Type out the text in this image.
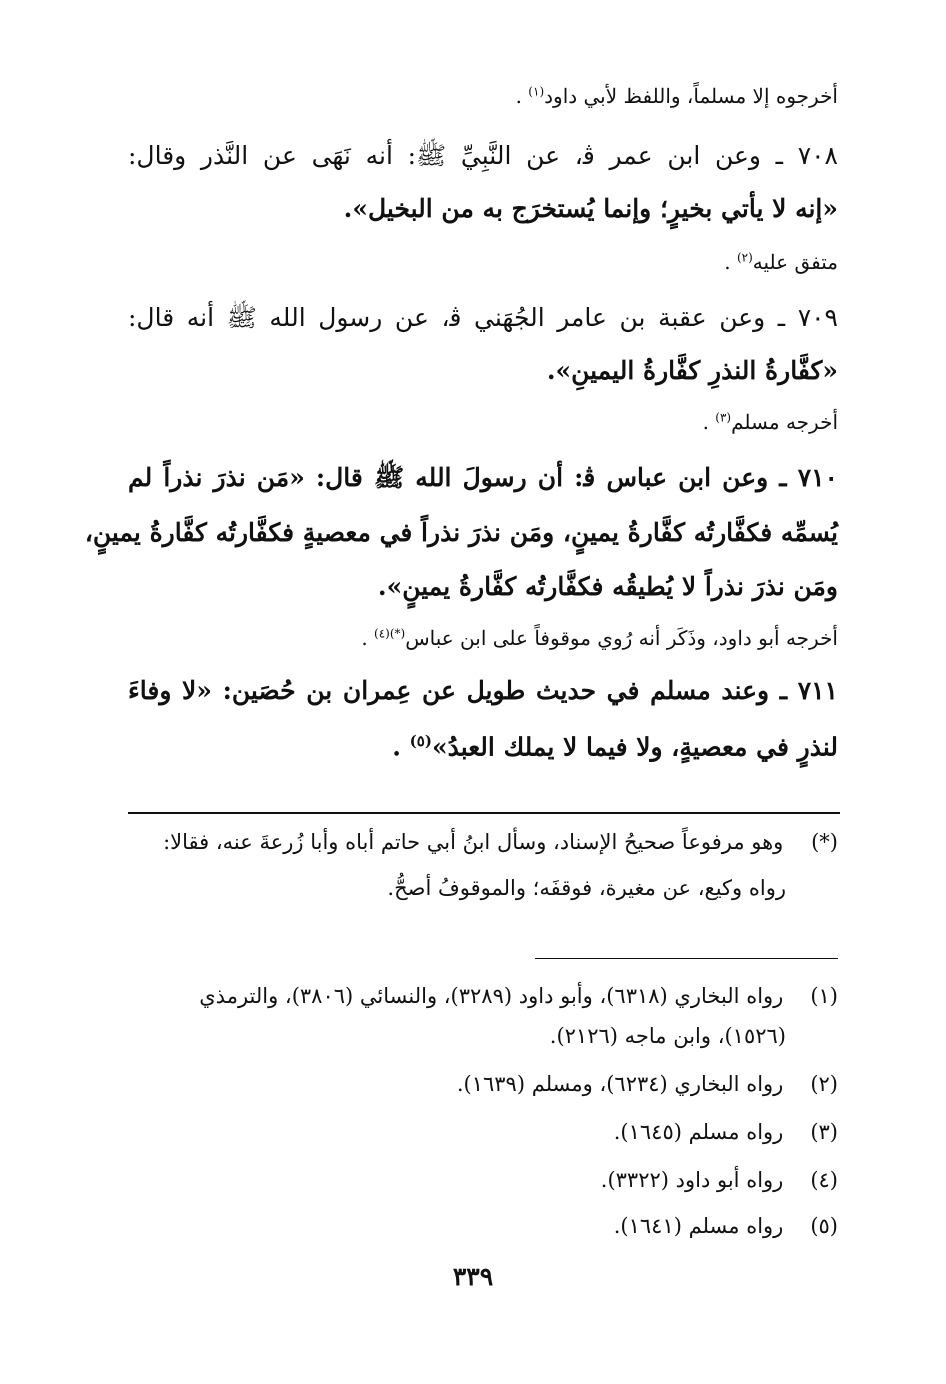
أخرجوه إلا مسلماً، واللفظ لأبي داود$^{(١)}$ .
٧٠٨ ـ وعن ابن عمر ﭬ، عن النَّبِيِّ ﷺ: أنه نَهَى عن النَّذر وقال:
«إنه لا يأتي بخيرٍ؛ وإنما يُستخرَج به من البخيل».
متفق عليه$^{(٢)}$ .
٧٠٩ ـ وعن عقبة بن عامر الجُهَني ﭬ، عن رسول الله ﷺ أنه قال:
«كفَّارةُ النذرِ كفَّارةُ اليمينِ».
أخرجه مسلم$^{(٣)}$ .
٧١٠ ـ وعن ابن عباس ﭬ: أن رسولَ الله ﷺ قال: «مَن نذرَ نذراً لم
يُسمِّه فكفَّارتُه كفَّارةُ يمينٍ، ومَن نذرَ نذراً في معصيةٍ فكفَّارتُه كفَّارةُ يمينٍ،
ومَن نذرَ نذراً لا يُطيقُه فكفَّارتُه كفَّارةُ يمينٍ».
أخرجه أبو داود، وذَكَر أنه رُوي موقوفاً على ابن عباس$^{(*)(٤)}$ .
٧١١ ـ وعند مسلم في حديث طويل عن عِمران بن حُصَين: «لا وفاءَ
لنذرٍ في معصيةٍ، ولا فيما لا يملك العبدُ»$^{(٥)}$ .
(*) وهو مرفوعاً صحيحُ الإسناد، وسأل ابنُ أبي حاتم أباه وأبا زُرعةَ عنه، فقالا:
رواه وكيع، عن مغيرة، فوقفَه؛ والموقوفُ أصحُّ.
(١) رواه البخاري (٦٣١٨)، وأبو داود (٣٢٨٩)، والنسائي (٣٨٠٦)، والترمذي
(١٥٢٦)، وابن ماجه (٢١٢٦).
(٢) رواه البخاري (٦٢٣٤)، ومسلم (١٦٣٩).
(٣) رواه مسلم (١٦٤٥).
(٤) رواه أبو داود (٣٣٢٢).
(٥) رواه مسلم (١٦٤١).
٣٣٩
